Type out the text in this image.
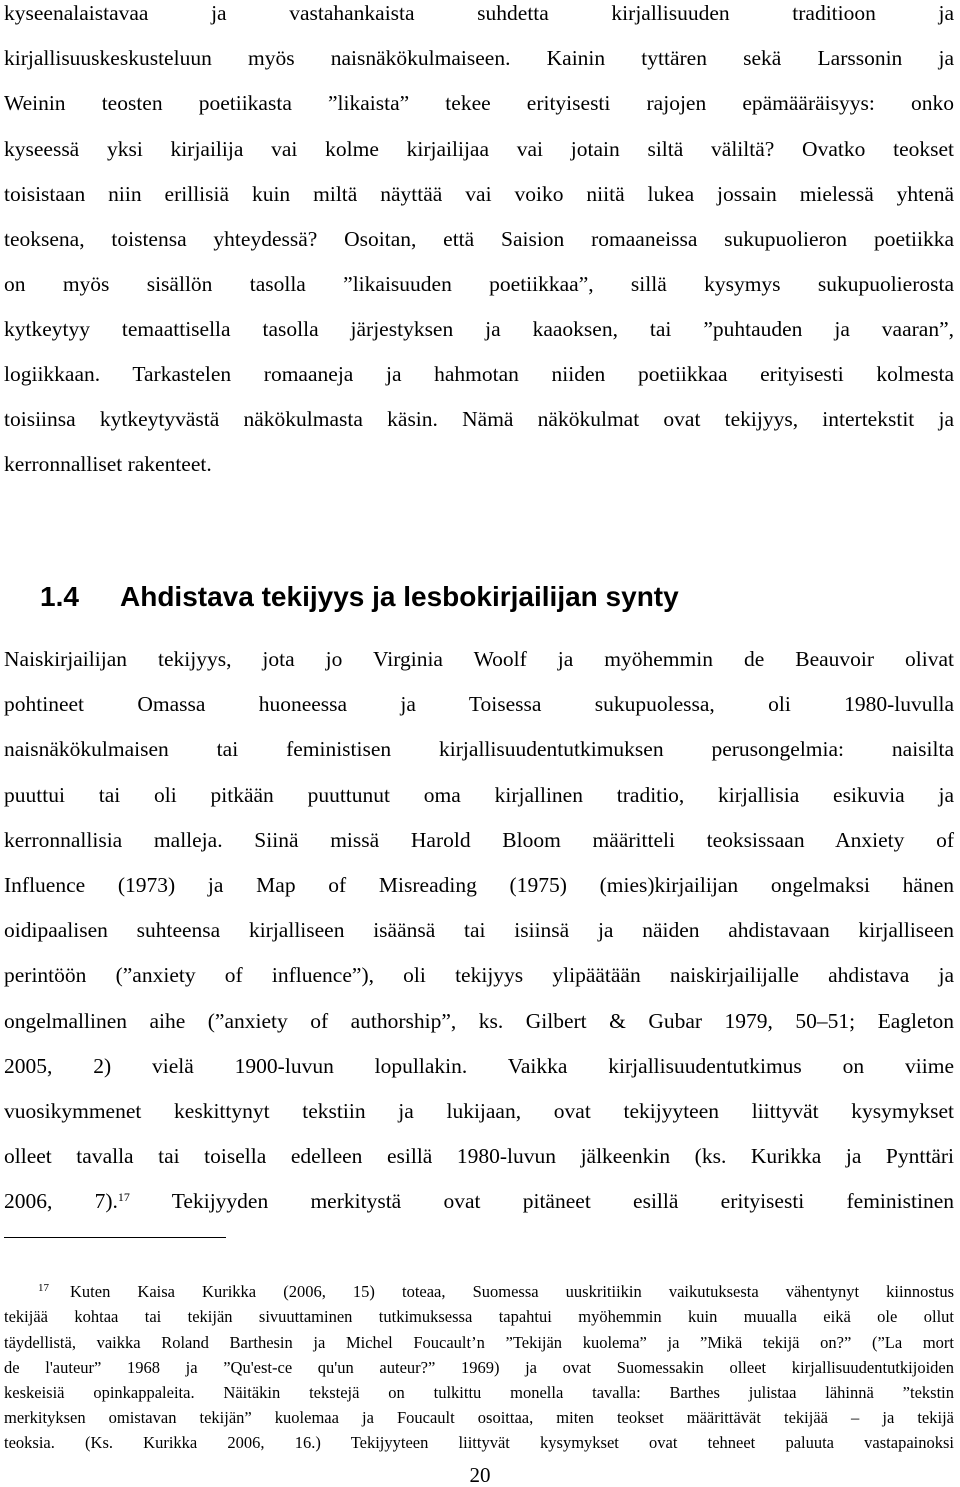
kyseenalaistavaa ja vastahankaista suhdetta kirjallisuuden traditioon ja

kirjallisuuskeskusteluun myös naisnäkökulmaiseen. Kainin tyttären sekä Larssonin ja

Weinin teosten poetiikasta ”likaista” tekee erityisesti rajojen epämääräisyys: onko

kyseessä yksi kirjailija vai kolme kirjailijaa vai jotain siltä väliltä? Ovatko teokset

toisistaan niin erillisiä kuin miltä näyttää vai voiko niitä lukea jossain mielessä yhtenä

teoksena, toistensa yhteydessä? Osoitan, että Saision romaaneissa sukupuolieron poetiikka

on myös sisällön tasolla ”likaisuuden poetiikkaa”, sillä kysymys sukupuolierosta

kytkeytyy temaattisella tasolla järjestyksen ja kaaoksen, tai ”puhtauden ja vaaran”,

logiikkaan. Tarkastelen romaaneja ja hahmotan niiden poetiikkaa erityisesti kolmesta

toisiinsa kytkeytyvästä näkökulmasta käsin. Nämä näkökulmat ovat tekijyys, intertekstit ja

kerronnalliset rakenteet.

1.4 Ahdistava tekijyys ja lesbokirjailijan synty

Naiskirjailijan tekijyys, jota jo Virginia Woolf ja myöhemmin de Beauvoir olivat

pohtineet Omassa huoneessa ja Toisessa sukupuolessa, oli 1980-luvulla

naisnäkökulmaisen tai feministisen kirjallisuudentutkimuksen perusongelmia: naisilta

puuttui tai oli pitkään puuttunut oma kirjallinen traditio, kirjallisia esikuvia ja

kerronnallisia malleja. Siinä missä Harold Bloom määritteli teoksissaan Anxiety of

Influence (1973) ja Map of Misreading (1975) (mies)kirjailijan ongelmaksi hänen

oidipaalisen suhteensa kirjalliseen isäänsä tai isiinsä ja näiden ahdistavaan kirjalliseen

perintöön (”anxiety of influence”), oli tekijyys ylipäätään naiskirjailijalle ahdistava ja

ongelmallinen aihe (”anxiety of authorship”, ks. Gilbert & Gubar 1979, 50–51; Eagleton

2005, 2) vielä 1900-luvun lopullakin. Vaikka kirjallisuudentutkimus on viime

vuosikymmenet keskittynyt tekstiin ja lukijaan, ovat tekijyyteen liittyvät kysymykset

olleet tavalla tai toisella edelleen esillä 1980-luvun jälkeenkin (ks. Kurikka ja Pynttäri

2006, 7).$^{17}$ Tekijyyden merkitystä ovat pitäneet esillä erityisesti feministinen

$^{17}$ Kuten Kaisa Kurikka (2006, 15) toteaa, Suomessa uuskritiikin vaikutuksesta vähentynyt kiinnostus

tekijää kohtaa tai tekijän sivuuttaminen tutkimuksessa tapahtui myöhemmin kuin muualla eikä ole ollut

täydellistä, vaikka Roland Barthesin ja Michel Foucault’n ”Tekijän kuolema” ja ”Mikä tekijä on?” (”La mort

de l'auteur” 1968 ja ”Qu'est-ce qu'un auteur?” 1969) ja ovat Suomessakin olleet kirjallisuudentutkijoiden

keskeisiä opinkappaleita. Näitäkin tekstejä on tulkittu monella tavalla: Barthes julistaa lähinnä ”tekstin

merkityksen omistavan tekijän” kuolemaa ja Foucault osoittaa, miten teokset määrittävät tekijää – ja tekijä

teoksia. (Ks. Kurikka 2006, 16.) Tekijyyteen liittyvät kysymykset ovat tehneet paluuta vastapainoksi

20
